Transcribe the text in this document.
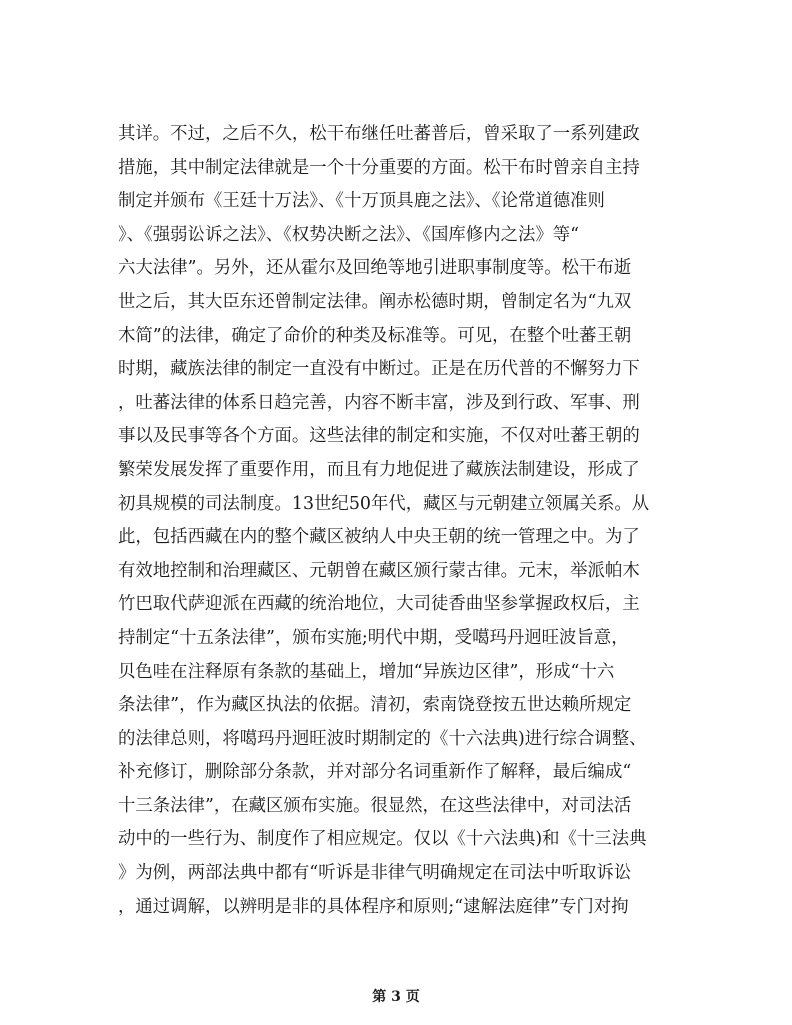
其详。不过，之后不久，松干布继任吐蕃普后，曾采取了一系列建政
措施，其中制定法律就是一个十分重要的方面。松干布时曾亲自主持
制定并颁布《王廷十万法》、《十万顶具鹿之法》、《论常道德准则
》、《强弱讼诉之法》、《权势决断之法》、《国库修内之法》等“
六大法律”。另外，还从霍尔及回绝等地引进职事制度等。松干布逝
世之后，其大臣东还曾制定法律。阐赤松德时期，曾制定名为“九双
木简”的法律，确定了命价的种类及标准等。可见，在整个吐蕃王朝
时期，藏族法律的制定一直没有中断过。正是在历代普的不懈努力下
，吐蕃法律的体系日趋完善，内容不断丰富，涉及到行政、军事、刑
事以及民事等各个方面。这些法律的制定和实施，不仅对吐蕃王朝的
繁荣发展发挥了重要作用，而且有力地促进了藏族法制建设，形成了
初具规模的司法制度。13世纪50年代，藏区与元朝建立领属关系。从
此，包括西藏在内的整个藏区被纳人中央王朝的统一管理之中。为了
有效地控制和治理藏区、元朝曾在藏区颁行蒙古律。元末，举派帕木
竹巴取代萨迎派在西藏的统治地位，大司徒香曲坚参掌握政权后，主
持制定“十五条法律”，颁布实施;明代中期，受噶玛丹迥旺波旨意，
贝色哇在注释原有条款的基础上，增加“异族边区律”，形成“十六
条法律”，作为藏区执法的依据。清初，索南饶登按五世达赖所规定
的法律总则，将噶玛丹迥旺波时期制定的《十六法典)进行综合调整、
补充修订，删除部分条款，并对部分名词重新作了解释，最后编成“
十三条法律”，在藏区颁布实施。很显然，在这些法律中，对司法活
动中的一些行为、制度作了相应规定。仅以《十六法典)和《十三法典
》为例，两部法典中都有“听诉是非律气明确规定在司法中听取诉讼
，通过调解，以辨明是非的具体程序和原则;“逮解法庭律”专门对拘
第 3 页
